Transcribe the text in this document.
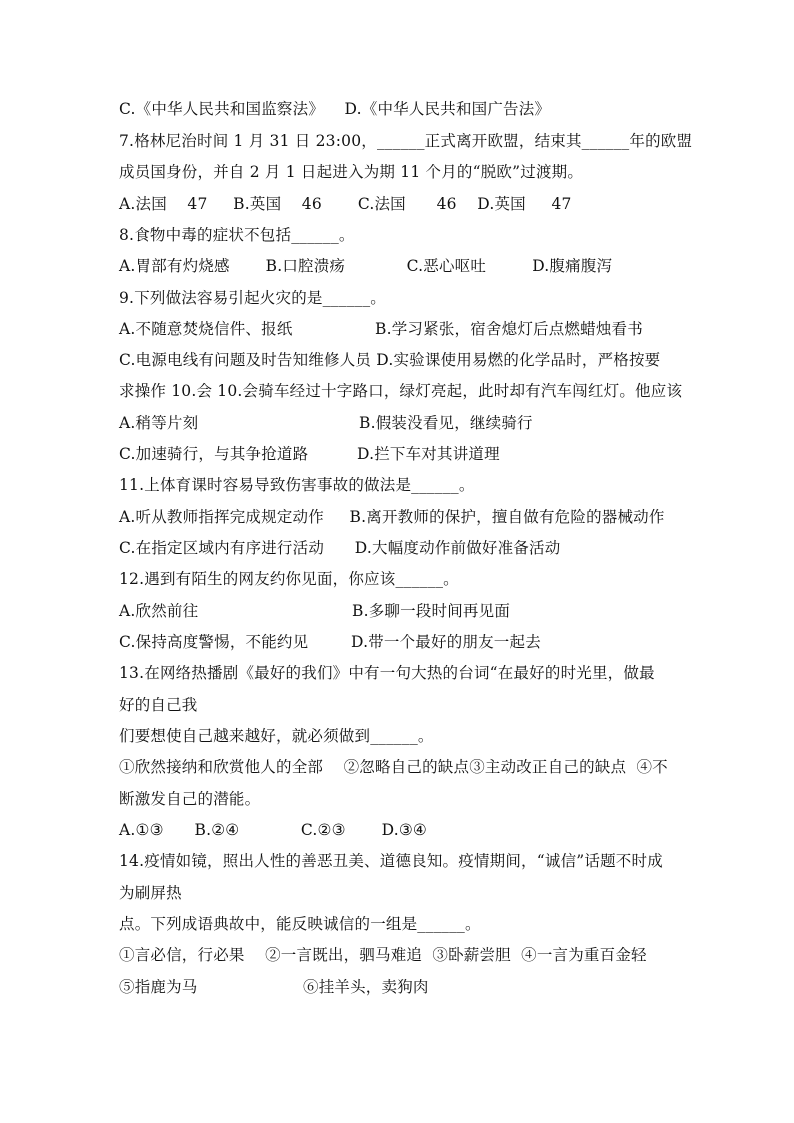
C.《中华人民共和国监察法》    D.《中华人民共和国广告法》
7.格林尼治时间 1 月 31 日 23:00，______正式离开欧盟，结束其______年的欧盟
成员国身份，并自 2 月 1 日起进入为期 11 个月的“脱欧”过渡期。
A.法国    47     B.英国    46       C.法国      46    D.英国     47
8.食物中毒的症状不包括______。
A.胃部有灼烧感       B.口腔溃疡            C.恶心呕吐         D.腹痛腹泻
9.下列做法容易引起火灾的是______。

A.不随意焚烧信件、报纸

	B.学习紧张，宿舍熄灯后点燃蜡烛看书

C.电源电线有问题及时告知维修人员 D.实验课使用易燃的化学品时，严格按要
求操作 10.会 10.会骑车经过十字路口，绿灯亮起，此时却有汽车闯红灯。他应该

A.稍等片刻

	B.假装没看见，继续骑行

C.加速骑行，与其争抢道路

	D.拦下车对其讲道理

11.上体育课时容易导致伤害事故的做法是______。
A.听从教师指挥完成规定动作     B.离开教师的保护，擅自做有危险的器械动作
C.在指定区域内有序进行活动      D.大幅度动作前做好准备活动
12.遇到有陌生的网友约你见面，你应该______。

A.欣然前往

	B.多聊一段时间再见面

C.保持高度警惕，不能约见

	D.带一个最好的朋友一起去

13.在网络热播剧《最好的我们》中有一句大热的台词“在最好的时光里，做最
好的自己我
们要想使自己越来越好，就必须做到______。
①欣然接纳和欣赏他人的全部    ②忽略自己的缺点③主动改正自己的缺点  ④不
断激发自己的潜能。
A.①③      B.②④            C.②③       D.③④
14.疫情如镜，照出人性的善恶丑美、道德良知。疫情期间，“诚信”话题不时成
为刷屏热
点。下列成语典故中，能反映诚信的一组是______。
①言必信，行必果    ②一言既出，驷马难追  ③卧薪尝胆  ④一言为重百金轻

⑤指鹿为马

	⑥挂羊头，卖狗肉
